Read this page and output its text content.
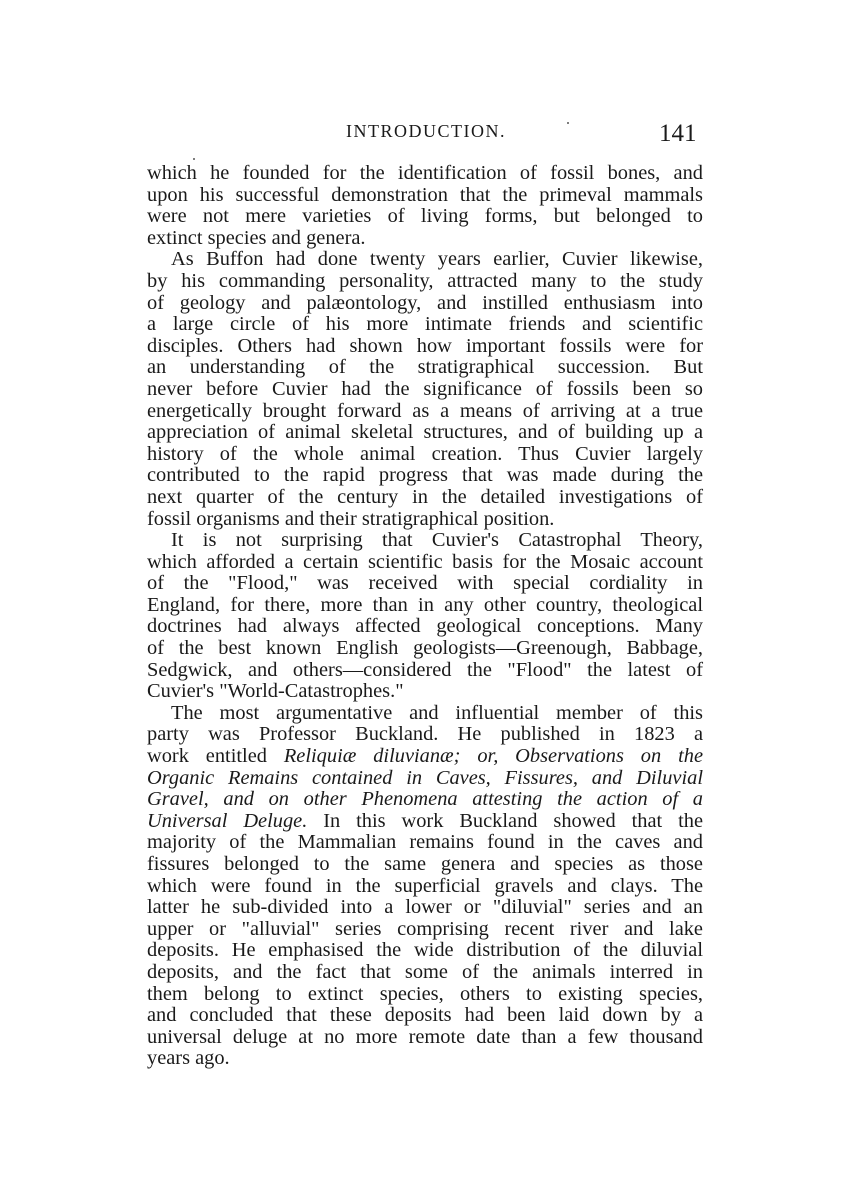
INTRODUCTION.	141
which he founded for the identification of fossil bones, and
upon his successful demonstration that the primeval mammals
were not mere varieties of living forms, but belonged to
extinct species and genera.
As Buffon had done twenty years earlier, Cuvier likewise,
by his commanding personality, attracted many to the study
of geology and palæontology, and instilled enthusiasm into
a large circle of his more intimate friends and scientific
disciples. Others had shown how important fossils were for
an understanding of the stratigraphical succession. But
never before Cuvier had the significance of fossils been so
energetically brought forward as a means of arriving at a true
appreciation of animal skeletal structures, and of building up a
history of the whole animal creation. Thus Cuvier largely
contributed to the rapid progress that was made during the
next quarter of the century in the detailed investigations of
fossil organisms and their stratigraphical position.
It is not surprising that Cuvier's Catastrophal Theory,
which afforded a certain scientific basis for the Mosaic account
of the "Flood," was received with special cordiality in
England, for there, more than in any other country, theological
doctrines had always affected geological conceptions. Many
of the best known English geologists—Greenough, Babbage,
Sedgwick, and others—considered the "Flood" the latest of
Cuvier's "World-Catastrophes."
The most argumentative and influential member of this
party was Professor Buckland. He published in 1823 a
work entitled Reliquiæ diluvianæ; or, Observations on the
Organic Remains contained in Caves, Fissures, and Diluvial
Gravel, and on other Phenomena attesting the action of a
Universal Deluge. In this work Buckland showed that the
majority of the Mammalian remains found in the caves and
fissures belonged to the same genera and species as those
which were found in the superficial gravels and clays. The
latter he sub-divided into a lower or "diluvial" series and an
upper or "alluvial" series comprising recent river and lake
deposits. He emphasised the wide distribution of the diluvial
deposits, and the fact that some of the animals interred in
them belong to extinct species, others to existing species,
and concluded that these deposits had been laid down by a
universal deluge at no more remote date than a few thousand
years ago.
